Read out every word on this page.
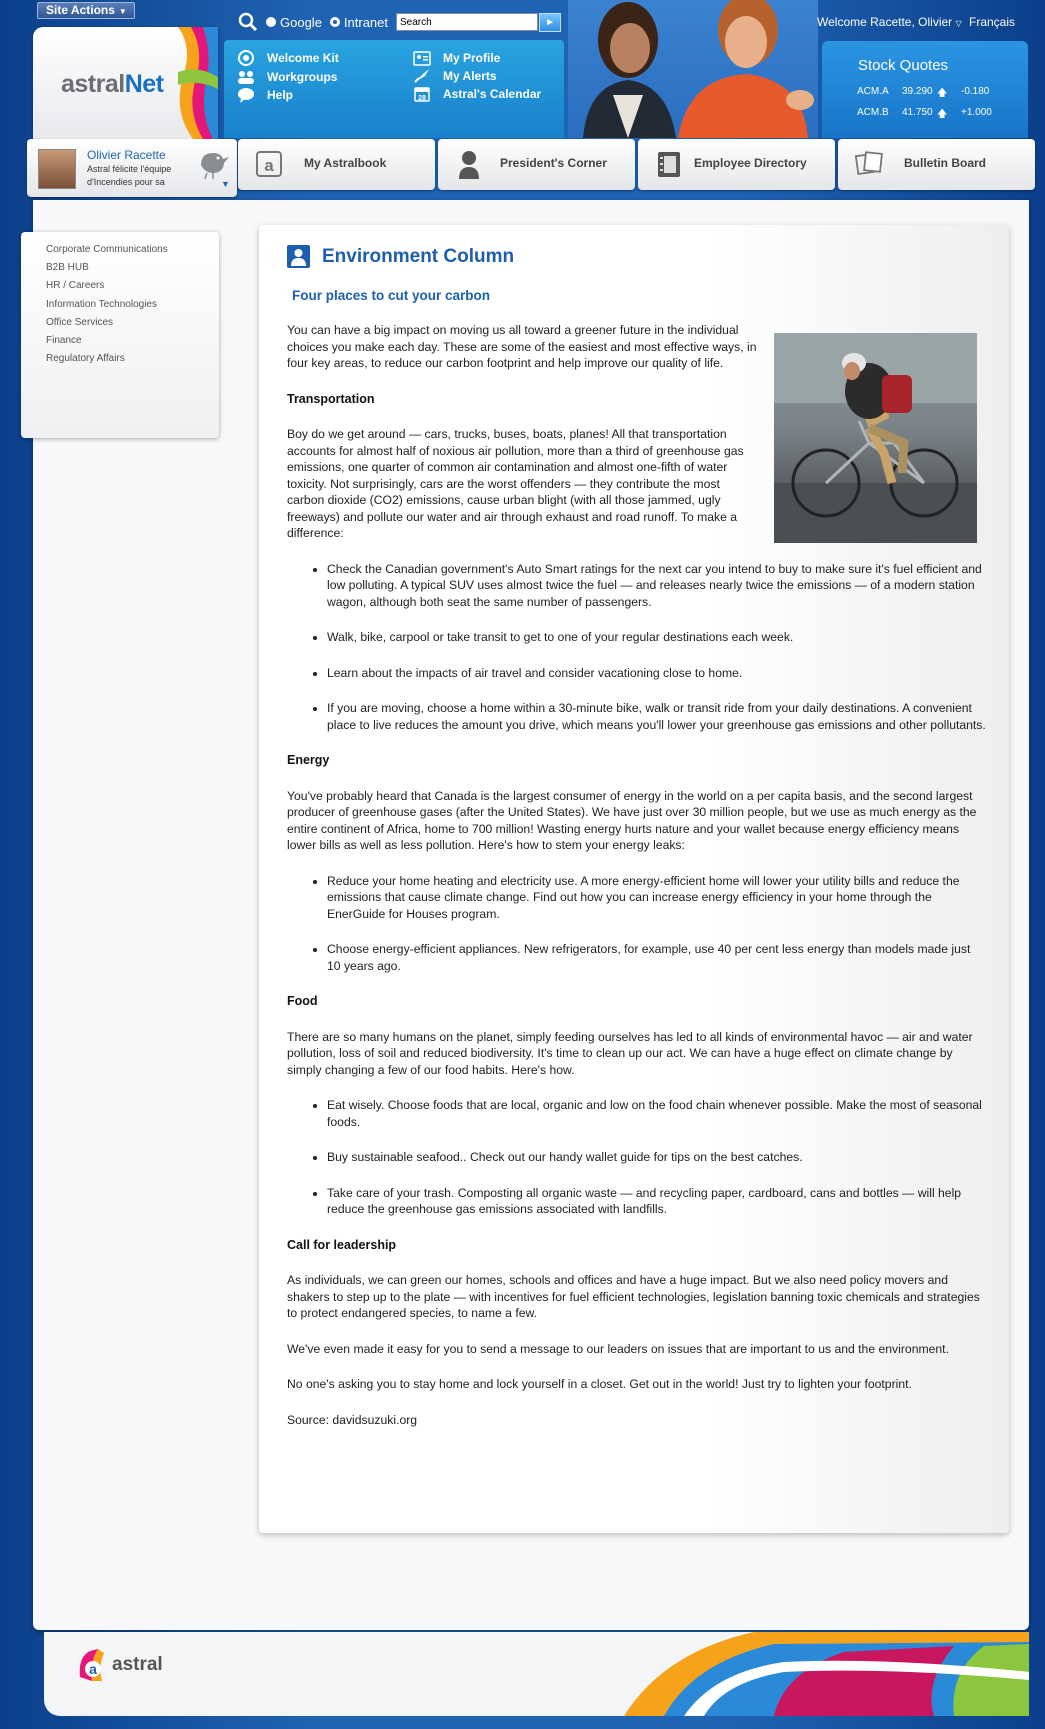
Site Actions ▼
astralNet
Google Intranet
Search	►
Welcome Kit
Workgroups
Help
My Profile
My Alerts
28 Astral's Calendar
Welcome Racette, Olivier ▽ Français
Stock Quotes
ACM.A	39.290 🡅	-0.180
ACM.B	41.750 🡅	+1.000
Olivier Racette
Astral félicite l'équipe d'Incendies pour sa	▼
a	My Astralbook	President's Corner	Employee Directory	Bulletin Board
Corporate Communications
B2B HUB
HR / Careers
Information Technologies
Office Services
Finance
Regulatory Affairs
Environment Column
Four places to cut your carbon

You can have a big impact on moving us all toward a greener future in the individual choices you make each day. These are some of the easiest and most effective ways, in four key areas, to reduce our carbon footprint and help improve our quality of life.

Transportation

Boy do we get around — cars, trucks, buses, boats, planes! All that transportation accounts for almost half of noxious air pollution, more than a third of greenhouse gas emissions, one quarter of common air contamination and almost one-fifth of water toxicity. Not surprisingly, cars are the worst offenders — they contribute the most carbon dioxide (CO2) emissions, cause urban blight (with all those jammed, ugly freeways) and pollute our water and air through exhaust and road runoff. To make a difference:

• Check the Canadian government's Auto Smart ratings for the next car you intend to buy to make sure it's fuel efficient and low polluting. A typical SUV uses almost twice the fuel — and releases nearly twice the emissions — of a modern station wagon, although both seat the same number of passengers.
• Walk, bike, carpool or take transit to get to one of your regular destinations each week.
• Learn about the impacts of air travel and consider vacationing close to home.
• If you are moving, choose a home within a 30-minute bike, walk or transit ride from your daily destinations. A convenient place to live reduces the amount you drive, which means you'll lower your greenhouse gas emissions and other pollutants.
Energy

You've probably heard that Canada is the largest consumer of energy in the world on a per capita basis, and the second largest producer of greenhouse gases (after the United States). We have just over 30 million people, but we use as much energy as the entire continent of Africa, home to 700 million! Wasting energy hurts nature and your wallet because energy efficiency means lower bills as well as less pollution. Here's how to stem your energy leaks:

• Reduce your home heating and electricity use. A more energy-efficient home will lower your utility bills and reduce the emissions that cause climate change. Find out how you can increase energy efficiency in your home through the EnerGuide for Houses program.
• Choose energy-efficient appliances. New refrigerators, for example, use 40 per cent less energy than models made just 10 years ago.
Food

There are so many humans on the planet, simply feeding ourselves has led to all kinds of environmental havoc — air and water pollution, loss of soil and reduced biodiversity. It's time to clean up our act. We can have a huge effect on climate change by simply changing a few of our food habits. Here's how.

• Eat wisely. Choose foods that are local, organic and low on the food chain whenever possible. Make the most of seasonal foods.
• Buy sustainable seafood.. Check out our handy wallet guide for tips on the best catches.
• Take care of your trash. Composting all organic waste — and recycling paper, cardboard, cans and bottles — will help reduce the greenhouse gas emissions associated with landfills.
Call for leadership

As individuals, we can green our homes, schools and offices and have a huge impact. But we also need policy movers and shakers to step up to the plate — with incentives for fuel efficient technologies, legislation banning toxic chemicals and strategies to protect endangered species, to name a few.

We've even made it easy for you to send a message to our leaders on issues that are important to us and the environment.

No one's asking you to stay home and lock yourself in a closet. Get out in the world! Just try to lighten your footprint.

Source: davidsuzuki.org

a astral
